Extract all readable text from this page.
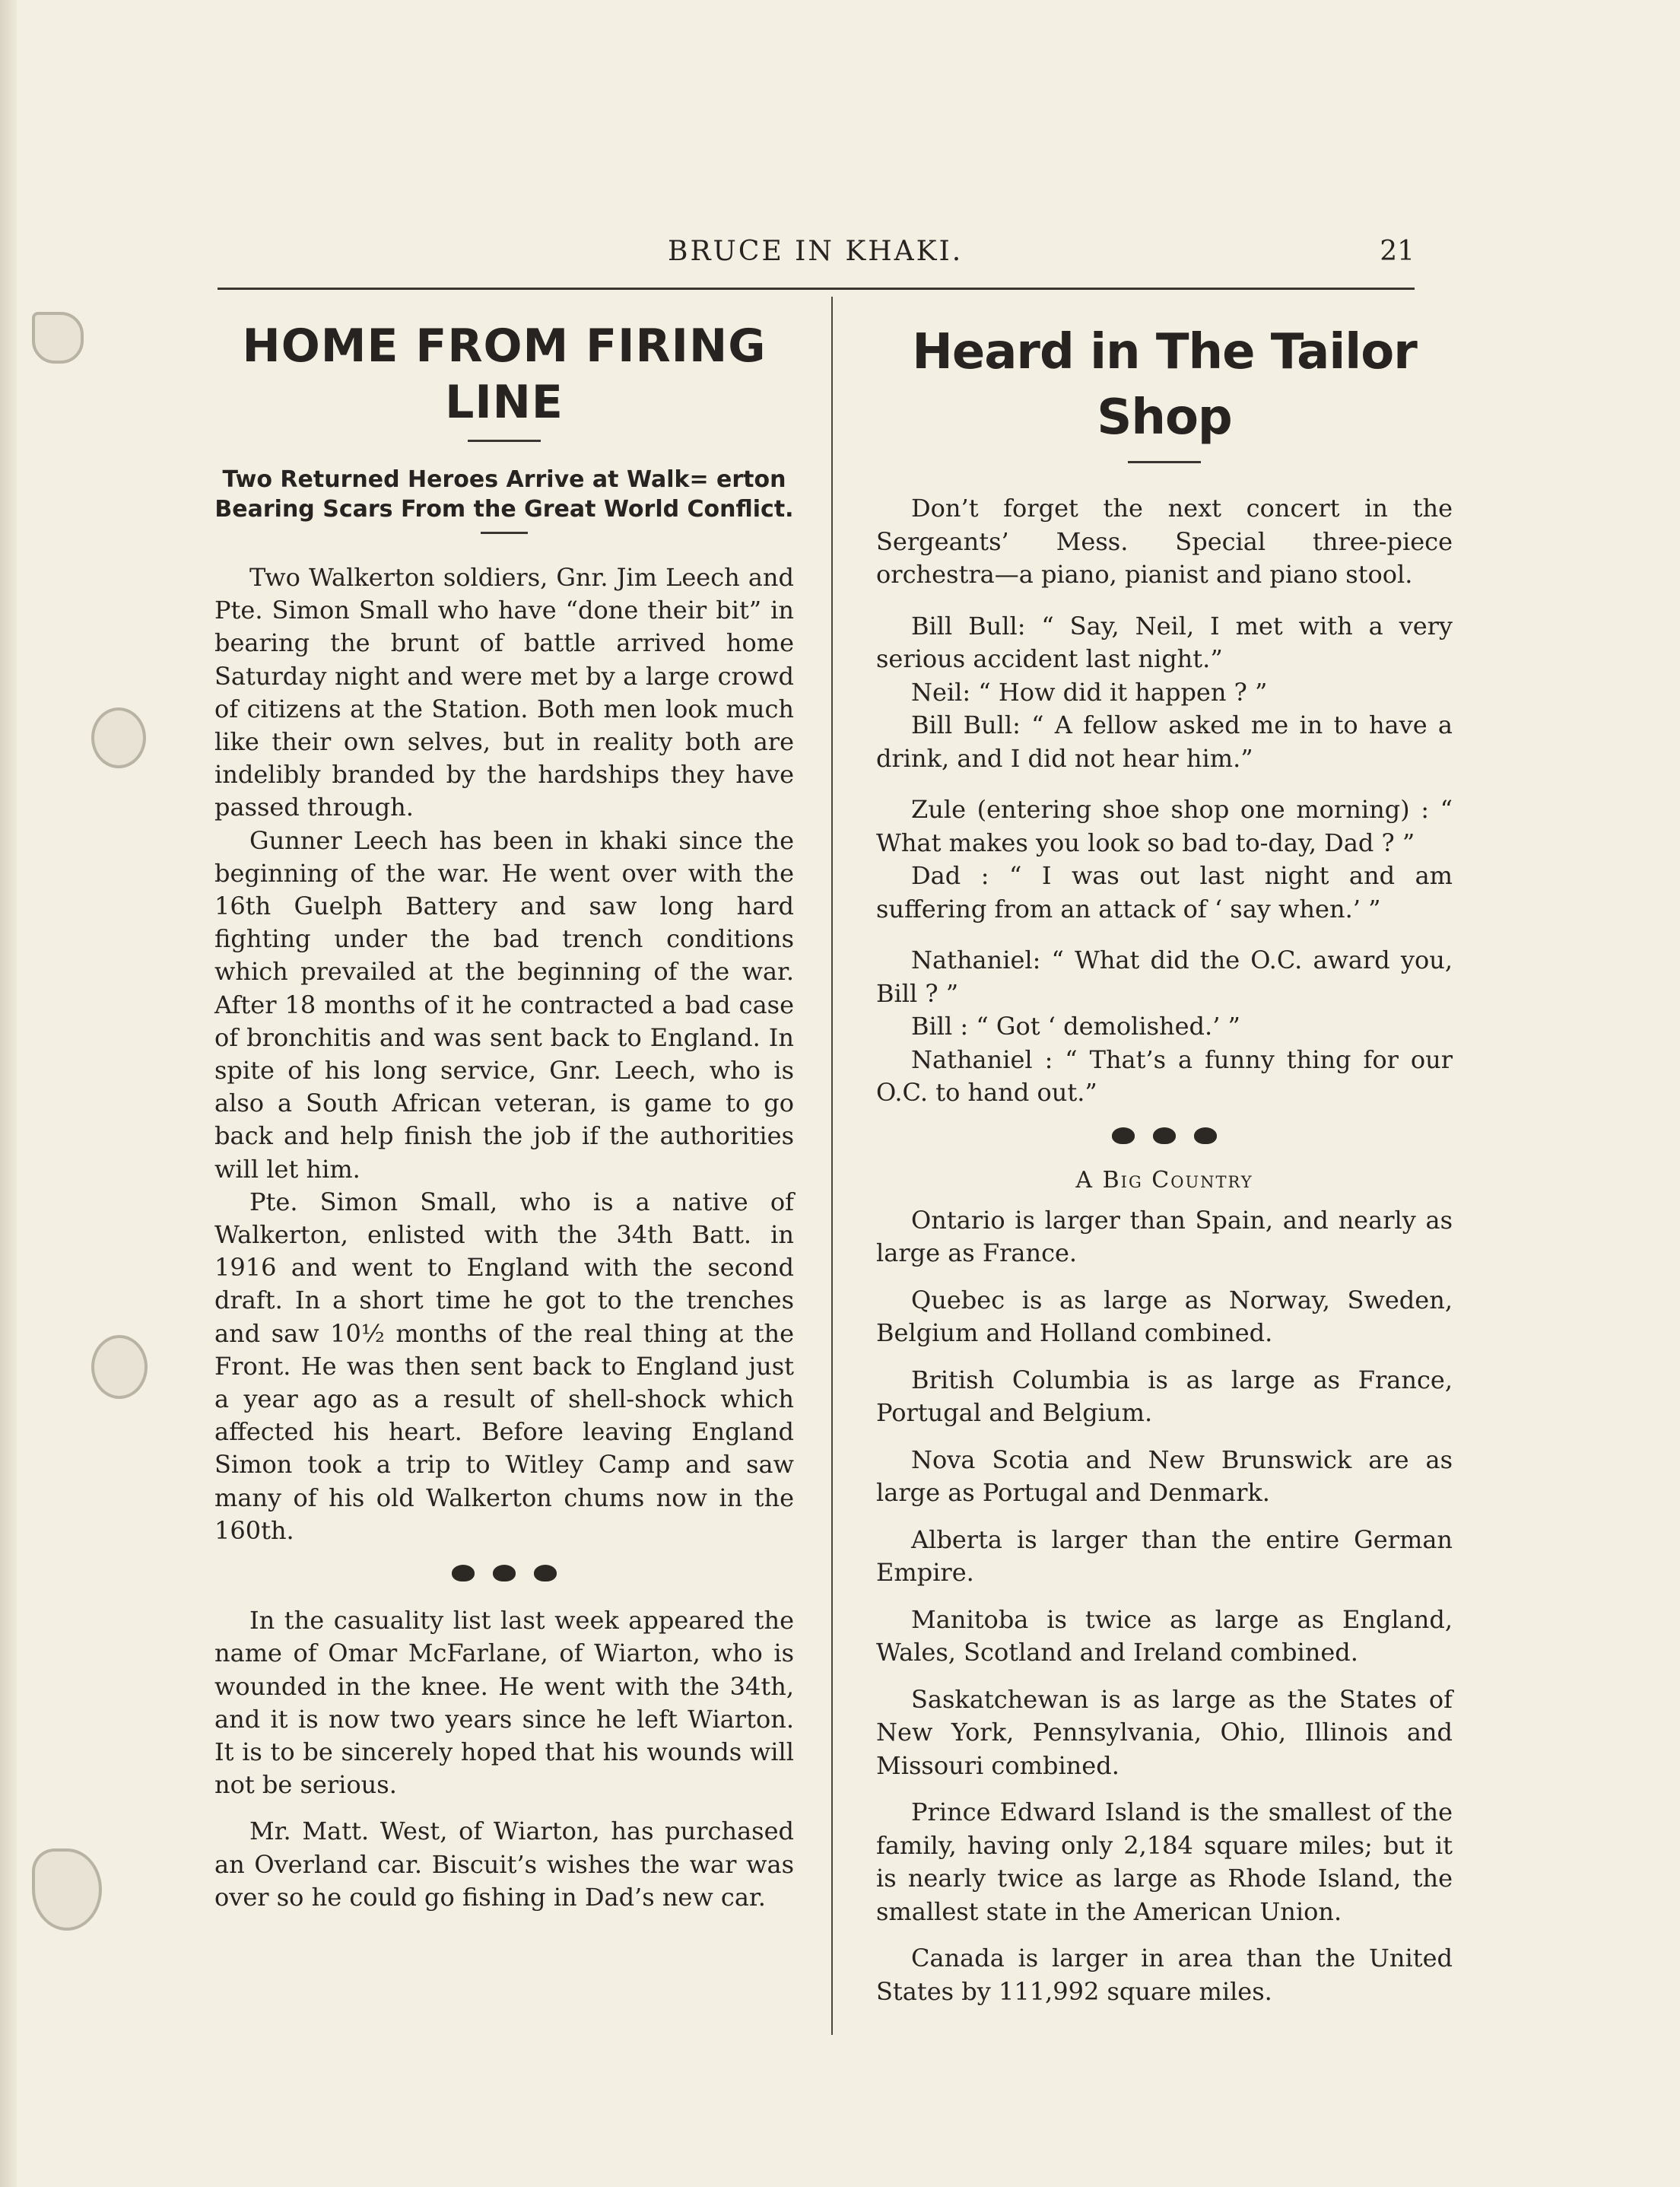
BRUCE IN KHAKI.	21
HOME FROM FIRING LINE

Two Returned Heroes Arrive at Walk= erton Bearing Scars From the Great World Conflict.

Two Walkerton soldiers, Gnr. Jim Leech and Pte. Simon Small who have “done their bit” in bearing the brunt of battle arrived home Saturday night and were met by a large crowd of citizens at the Station. Both men look much like their own selves, but in reality both are indelibly branded by the hardships they have passed through.

Gunner Leech has been in khaki since the beginning of the war. He went over with the 16th Guelph Battery and saw long hard fighting under the bad trench conditions which prevailed at the beginning of the war. After 18 months of it he contracted a bad case of bronchitis and was sent back to England. In spite of his long service, Gnr. Leech, who is also a South African veteran, is game to go back and help finish the job if the authorities will let him.

Pte. Simon Small, who is a native of Walkerton, enlisted with the 34th Batt. in 1916 and went to England with the second draft. In a short time he got to the trenches and saw 10½ months of the real thing at the Front. He was then sent back to England just a year ago as a result of shell-shock which affected his heart. Before leaving England Simon took a trip to Witley Camp and saw many of his old Walkerton chums now in the 160th.

In the casuality list last week appeared the name of Omar McFarlane, of Wiarton, who is wounded in the knee. He went with the 34th, and it is now two years since he left Wiarton. It is to be sincerely hoped that his wounds will not be serious.

Mr. Matt. West, of Wiarton, has purchased an Overland car. Biscuit’s wishes the war was over so he could go fishing in Dad’s new car.

Heard in The Tailor Shop

Don’t forget the next concert in the Sergeants’ Mess. Special three-piece orchestra—a piano, pianist and piano stool.

Bill Bull: “ Say, Neil, I met with a very serious accident last night.”

Neil: “ How did it happen ? ”

Bill Bull: “ A fellow asked me in to have a drink, and I did not hear him.”

Zule (entering shoe shop one morning) : “ What makes you look so bad to-day, Dad ? ”

Dad : “ I was out last night and am suffering from an attack of ‘ say when.’ ”

Nathaniel: “ What did the O.C. award you, Bill ? ”

Bill : “ Got ‘ demolished.’ ”

Nathaniel : “ That’s a funny thing for our O.C. to hand out.”

A Big Country

Ontario is larger than Spain, and nearly as large as France.

Quebec is as large as Norway, Sweden, Belgium and Holland combined.

British Columbia is as large as France, Portugal and Belgium.

Nova Scotia and New Brunswick are as large as Portugal and Denmark.

Alberta is larger than the entire German Empire.

Manitoba is twice as large as England, Wales, Scotland and Ireland combined.

Saskatchewan is as large as the States of New York, Pennsylvania, Ohio, Illinois and Missouri combined.

Prince Edward Island is the smallest of the family, having only 2,184 square miles; but it is nearly twice as large as Rhode Island, the smallest state in the American Union.

Canada is larger in area than the United States by 111,992 square miles.
